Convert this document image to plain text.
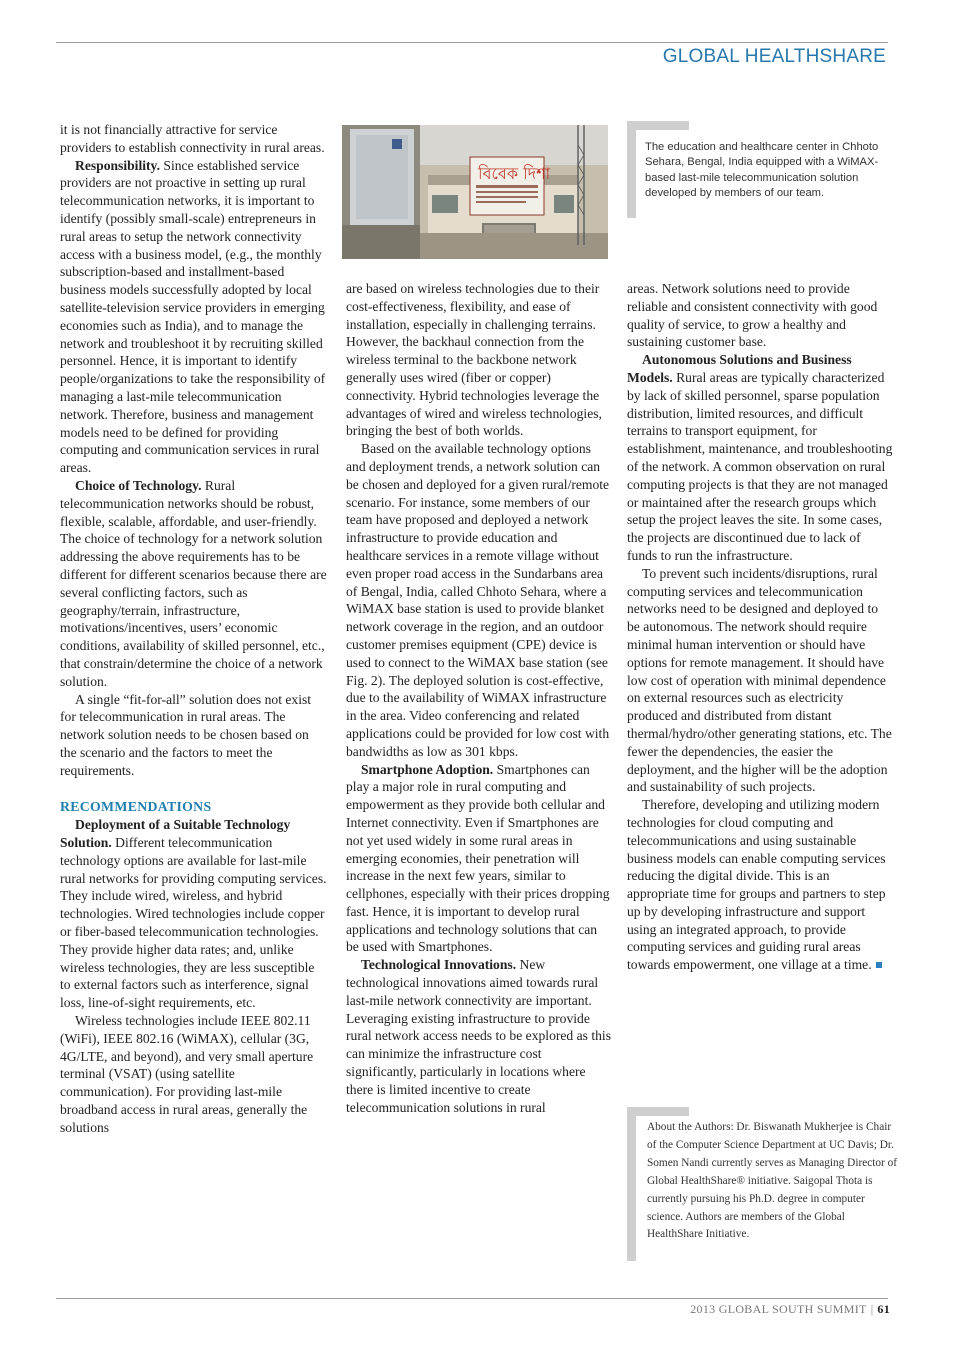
GLOBAL HEALTHSHARE
বিবেক দিশা
The education and healthcare center in Chhoto Sehara, Bengal, India equipped with a WiMAX-based last-mile telecommunication solution developed by members of our team.

it is not financially attractive for service providers to establish connectivity in rural areas.

Responsibility. Since established service providers are not proactive in setting up rural telecommunication networks, it is important to identify (possibly small-scale) entrepreneurs in rural areas to setup the network connectivity access with a business model, (e.g., the monthly subscription-based and installment-based business models successfully adopted by local satellite-television service providers in emerging economies such as India), and to manage the network and troubleshoot it by recruiting skilled personnel. Hence, it is important to identify people/organizations to take the responsibility of managing a last-mile telecommunication network. Therefore, business and management models need to be defined for providing computing and communication services in rural areas.

Choice of Technology. Rural telecommunication networks should be robust, flexible, scalable, affordable, and user-friendly. The choice of technology for a network solution addressing the above requirements has to be different for different scenarios because there are several conflicting factors, such as geography/terrain, infrastructure, motivations/incentives, users’ economic conditions, availability of skilled personnel, etc., that constrain/determine the choice of a network solution.

A single “fit-for-all” solution does not exist for telecommunication in rural areas. The network solution needs to be chosen based on the scenario and the factors to meet the requirements.

RECOMMENDATIONS

Deployment of a Suitable Technology Solution. Different telecommunication technology options are available for last-mile rural networks for providing computing services. They include wired, wireless, and hybrid technologies. Wired technologies include copper or fiber-based telecommunication technologies. They provide higher data rates; and, unlike wireless technologies, they are less susceptible to external factors such as interference, signal loss, line-of-sight requirements, etc.

Wireless technologies include IEEE 802.11 (WiFi), IEEE 802.16 (WiMAX), cellular (3G, 4G/LTE, and beyond), and very small aperture terminal (VSAT) (using satellite communication). For providing last-mile broadband access in rural areas, generally the solutions

are based on wireless technologies due to their cost-effectiveness, flexibility, and ease of installation, especially in challenging terrains. However, the backhaul connection from the wireless terminal to the backbone network generally uses wired (fiber or copper) connectivity. Hybrid technologies leverage the advantages of wired and wireless technologies, bringing the best of both worlds.

Based on the available technology options and deployment trends, a network solution can be chosen and deployed for a given rural/remote scenario. For instance, some members of our team have proposed and deployed a network infrastructure to provide education and healthcare services in a remote village without even proper road access in the Sundarbans area of Bengal, India, called Chhoto Sehara, where a WiMAX base station is used to provide blanket network coverage in the region, and an outdoor customer premises equipment (CPE) device is used to connect to the WiMAX base station (see Fig. 2). The deployed solution is cost-effective, due to the availability of WiMAX infrastructure in the area. Video conferencing and related applications could be provided for low cost with bandwidths as low as 301 kbps.

Smartphone Adoption. Smartphones can play a major role in rural computing and empowerment as they provide both cellular and Internet connectivity. Even if Smartphones are not yet used widely in some rural areas in emerging economies, their penetration will increase in the next few years, similar to cellphones, especially with their prices dropping fast. Hence, it is important to develop rural applications and technology solutions that can be used with Smartphones.

Technological Innovations. New technological innovations aimed towards rural last-mile network connectivity are important. Leveraging existing infrastructure to provide rural network access needs to be explored as this can minimize the infrastructure cost significantly, particularly in locations where there is limited incentive to create telecommunication solutions in rural

areas. Network solutions need to provide reliable and consistent connectivity with good quality of service, to grow a healthy and sustaining customer base.

Autonomous Solutions and Business Models. Rural areas are typically characterized by lack of skilled personnel, sparse population distribution, limited resources, and difficult terrains to transport equipment, for establishment, maintenance, and troubleshooting of the network. A common observation on rural computing projects is that they are not managed or maintained after the research groups which setup the project leaves the site. In some cases, the projects are discontinued due to lack of funds to run the infrastructure.

To prevent such incidents/disruptions, rural computing services and telecommunication networks need to be designed and deployed to be autonomous. The network should require minimal human intervention or should have options for remote management. It should have low cost of operation with minimal dependence on external resources such as electricity produced and distributed from distant thermal/hydro/other generating stations, etc. The fewer the dependencies, the easier the deployment, and the higher will be the adoption and sustainability of such projects.

Therefore, developing and utilizing modern technologies for cloud computing and telecommunications and using sustainable business models can enable computing services reducing the digital divide. This is an appropriate time for groups and partners to step up by developing infrastructure and support using an integrated approach, to provide computing services and guiding rural areas towards empowerment, one village at a time.

About the Authors: Dr. Biswanath Mukherjee is Chair of the Computer Science Department at UC Davis; Dr. Somen Nandi currently serves as Managing Director of Global HealthShare® initiative. Saigopal Thota is currently pursuing his Ph.D. degree in computer science. Authors are members of the Global HealthShare Initiative.
2013 GLOBAL SOUTH SUMMIT | 61
